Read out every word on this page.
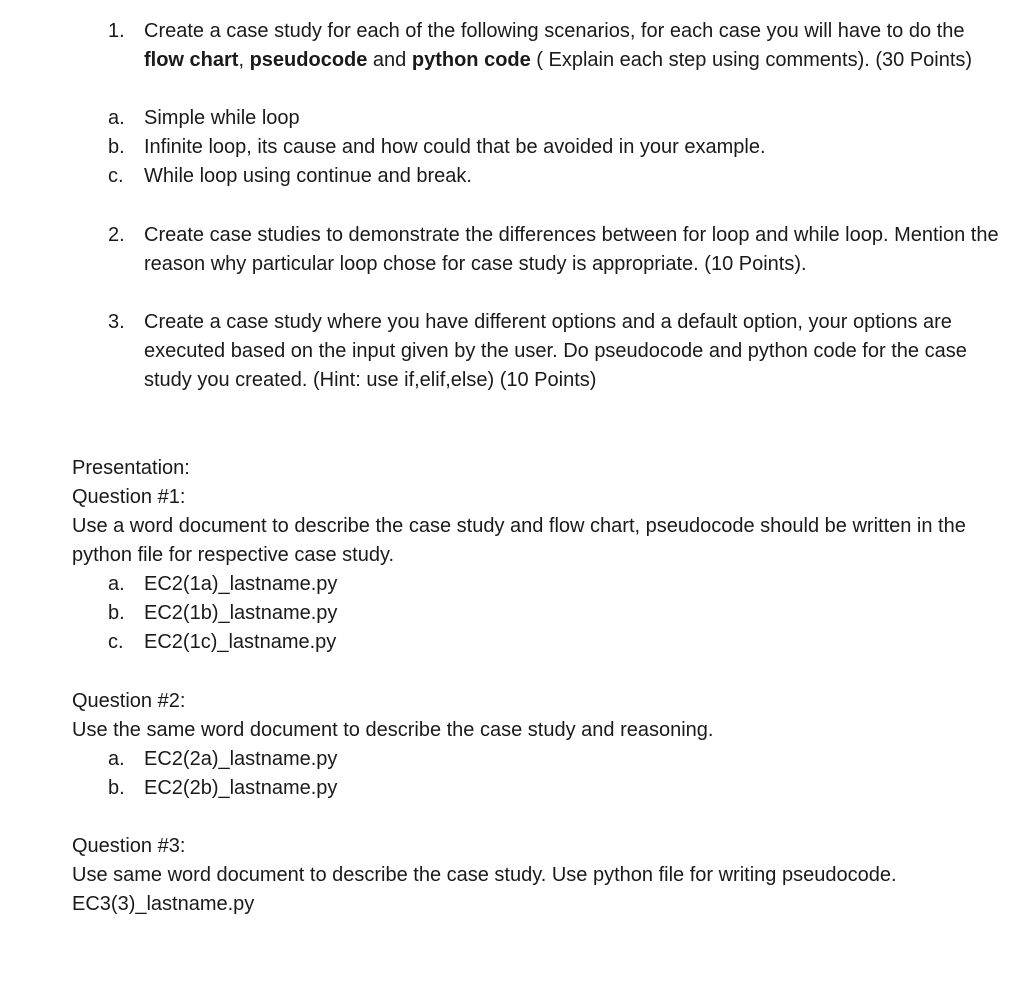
1. Create a case study for each of the following scenarios, for each case you will have to do the flow chart, pseudocode and python code ( Explain each step using comments). (30 Points)
a. Simple while loop
b. Infinite loop, its cause and how could that be avoided in your example.
c.	While loop using continue and break.
2. Create case studies to demonstrate the differences between for loop and while loop. Mention the reason why particular loop chose for case study is appropriate. (10 Points).
3. Create a case study where you have different options and a default option, your options are executed based on the input given by the user. Do pseudocode and python code for the case study you created. (Hint: use if,elif,else) (10 Points)
Presentation:
Question #1:
Use a word document to describe the case study and flow chart, pseudocode should be written in the python file for respective case study.
a. EC2(1a)_lastname.py
b. EC2(1b)_lastname.py
c.	EC2(1c)_lastname.py
Question #2:
Use the same word document to describe the case study and reasoning.
a. EC2(2a)_lastname.py
b. EC2(2b)_lastname.py
Question #3:
Use same word document to describe the case study. Use python file for writing pseudocode.
EC3(3)_lastname.py
